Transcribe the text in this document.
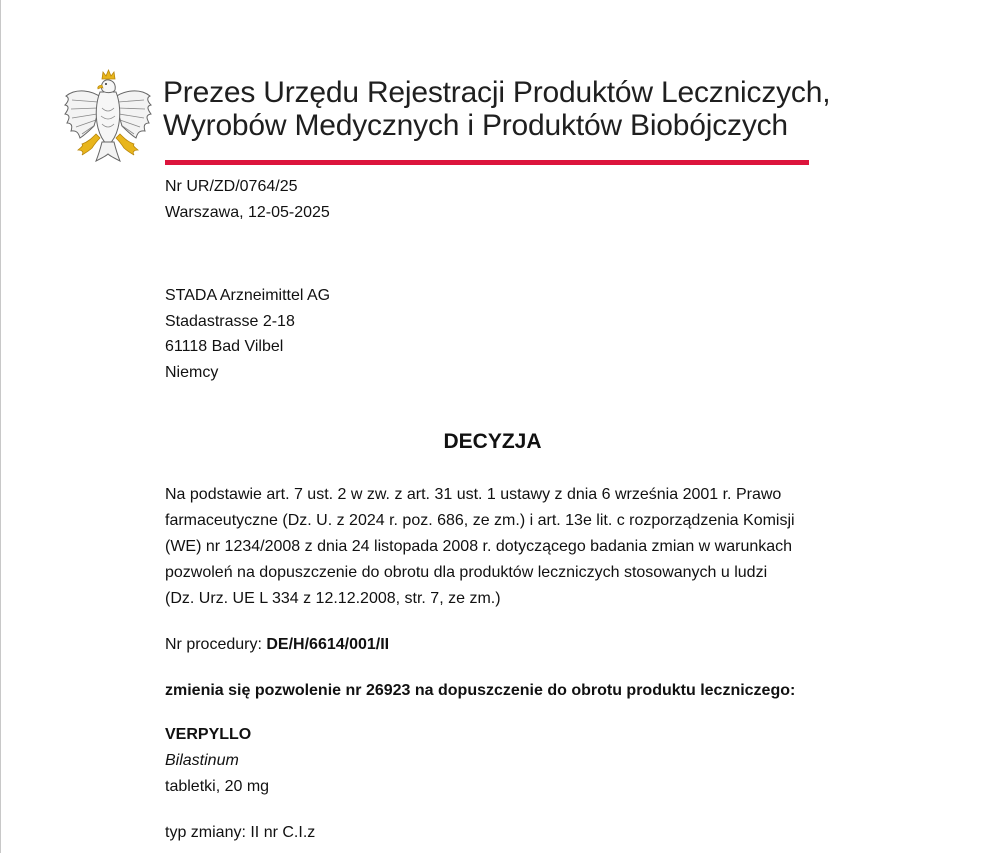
Prezes Urzędu Rejestracji Produktów Leczniczych,
Wyrobów Medycznych i Produktów Biobójczych
Nr UR/ZD/0764/25
Warszawa, 12-05-2025
STADA Arzneimittel AG
Stadastrasse 2-18
61118 Bad Vilbel
Niemcy
DECYZJA
Na podstawie art. 7 ust. 2 w zw. z art. 31 ust. 1 ustawy z dnia 6 września 2001 r. Prawo
farmaceutyczne (Dz. U. z 2024 r. poz. 686, ze zm.) i art. 13e lit. c rozporządzenia Komisji
(WE) nr 1234/2008 z dnia 24 listopada 2008 r. dotyczącego badania zmian w warunkach
pozwoleń na dopuszczenie do obrotu dla produktów leczniczych stosowanych u ludzi
(Dz. Urz. UE L 334 z 12.12.2008, str. 7, ze zm.)
Nr procedury: DE/H/6614/001/II
zmienia się pozwolenie nr 26923 na dopuszczenie do obrotu produktu leczniczego:
VERPYLLO
Bilastinum
tabletki, 20 mg
typ zmiany: II nr C.I.z
